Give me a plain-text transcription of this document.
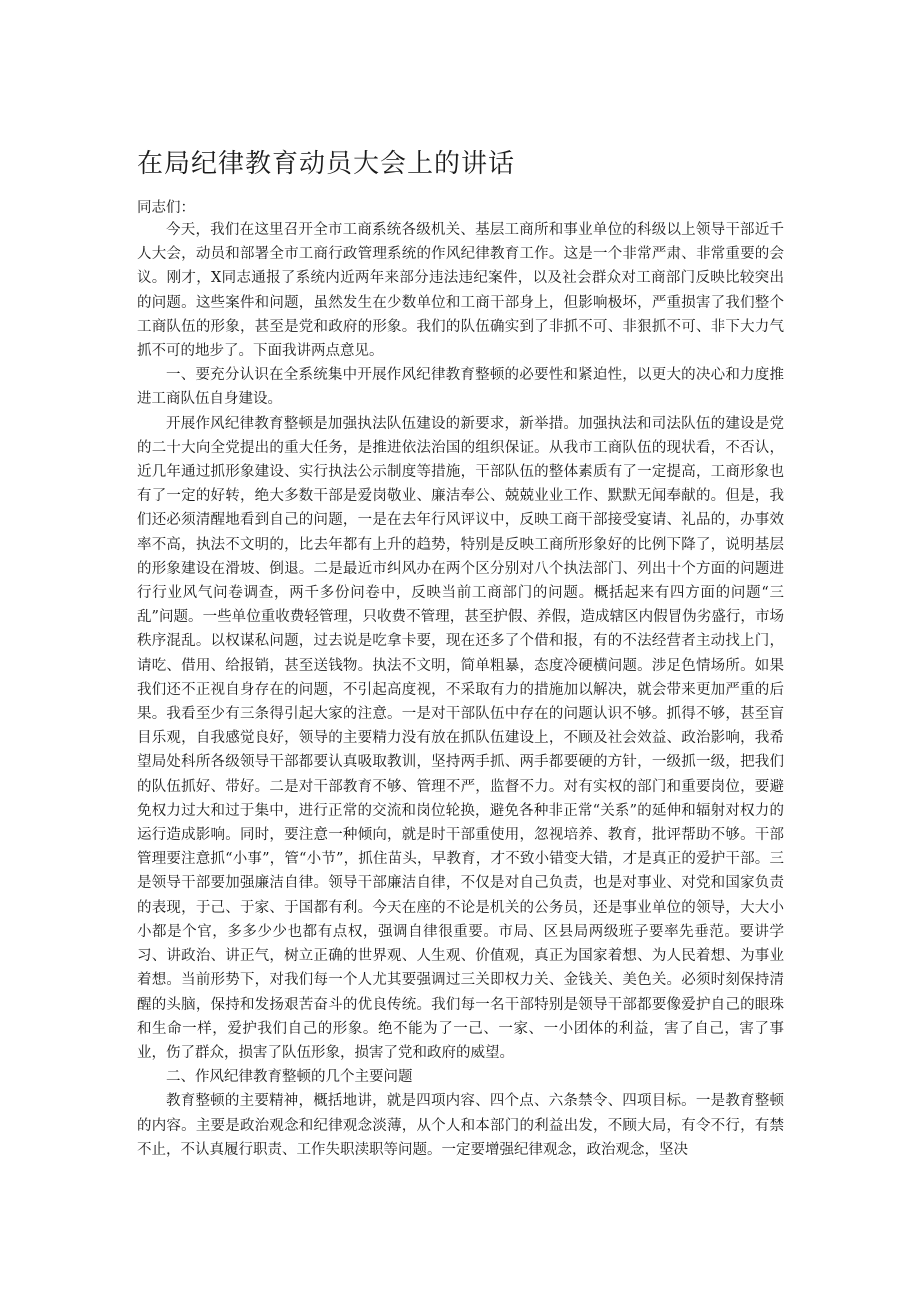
在局纪律教育动员大会上的讲话

同志们：

今天，我们在这里召开全市工商系统各级机关、基层工商所和事业单位的科级以上领导干部近千人大会，动员和部署全市工商行政管理系统的作风纪律教育工作。这是一个非常严肃、非常重要的会议。刚才，X同志通报了系统内近两年来部分违法违纪案件，以及社会群众对工商部门反映比较突出的问题。这些案件和问题，虽然发生在少数单位和工商干部身上，但影响极坏，严重损害了我们整个工商队伍的形象，甚至是党和政府的形象。我们的队伍确实到了非抓不可、非狠抓不可、非下大力气抓不可的地步了。下面我讲两点意见。

一、要充分认识在全系统集中开展作风纪律教育整顿的必要性和紧迫性，以更大的决心和力度推进工商队伍自身建设。

开展作风纪律教育整顿是加强执法队伍建设的新要求，新举措。加强执法和司法队伍的建设是党的二十大向全党提出的重大任务，是推进依法治国的组织保证。从我市工商队伍的现状看，不否认，近几年通过抓形象建设、实行执法公示制度等措施，干部队伍的整体素质有了一定提高，工商形象也有了一定的好转，绝大多数干部是爱岗敬业、廉洁奉公、兢兢业业工作、默默无闻奉献的。但是，我们还必须清醒地看到自己的问题，一是在去年行风评议中，反映工商干部接受宴请、礼品的，办事效率不高，执法不文明的，比去年都有上升的趋势，特别是反映工商所形象好的比例下降了，说明基层的形象建设在滑坡、倒退。二是最近市纠风办在两个区分别对八个执法部门、列出十个方面的问题进行行业风气问卷调查，两千多份问卷中，反映当前工商部门的问题。概括起来有四方面的问题“三乱”问题。一些单位重收费轻管理，只收费不管理，甚至护假、养假，造成辖区内假冒伪劣盛行，市场秩序混乱。以权谋私问题，过去说是吃拿卡要，现在还多了个借和报，有的不法经营者主动找上门，请吃、借用、给报销，甚至送钱物。执法不文明，简单粗暴，态度冷硬横问题。涉足色情场所。如果我们还不正视自身存在的问题，不引起高度视，不采取有力的措施加以解决，就会带来更加严重的后果。我看至少有三条得引起大家的注意。一是对干部队伍中存在的问题认识不够。抓得不够，甚至盲目乐观，自我感觉良好，领导的主要精力没有放在抓队伍建设上，不顾及社会效益、政治影响，我希望局处科所各级领导干部都要认真吸取教训，坚持两手抓、两手都要硬的方针，一级抓一级，把我们的队伍抓好、带好。二是对干部教育不够、管理不严，监督不力。对有实权的部门和重要岗位，要避免权力过大和过于集中，进行正常的交流和岗位轮换，避免各种非正常“关系”的延伸和辐射对权力的运行造成影响。同时，要注意一种倾向，就是时干部重使用，忽视培养、教育，批评帮助不够。干部管理要注意抓“小事”，管“小节”，抓住苗头，早教育，才不致小错变大错，才是真正的爱护干部。三是领导干部要加强廉洁自律。领导干部廉洁自律，不仅是对自己负责，也是对事业、对党和国家负责的表现，于己、于家、于国都有利。今天在座的不论是机关的公务员，还是事业单位的领导，大大小小都是个官，多多少少也都有点权，强调自律很重要。市局、区县局两级班子要率先垂范。要讲学习、讲政治、讲正气，树立正确的世界观、人生观、价值观，真正为国家着想、为人民着想、为事业着想。当前形势下，对我们每一个人尤其要强调过三关即权力关、金钱关、美色关。必须时刻保持清醒的头脑，保持和发扬艰苦奋斗的优良传统。我们每一名干部特别是领导干部都要像爱护自己的眼珠和生命一样，爱护我们自己的形象。绝不能为了一己、一家、一小团体的利益，害了自己，害了事业，伤了群众，损害了队伍形象，损害了党和政府的威望。

二、作风纪律教育整顿的几个主要问题

教育整顿的主要精神，概括地讲，就是四项内容、四个点、六条禁令、四项目标。一是教育整顿的内容。主要是政治观念和纪律观念淡薄，从个人和本部门的利益出发，不顾大局，有令不行，有禁不止，不认真履行职责、工作失职渎职等问题。一定要增强纪律观念，政治观念，坚决
